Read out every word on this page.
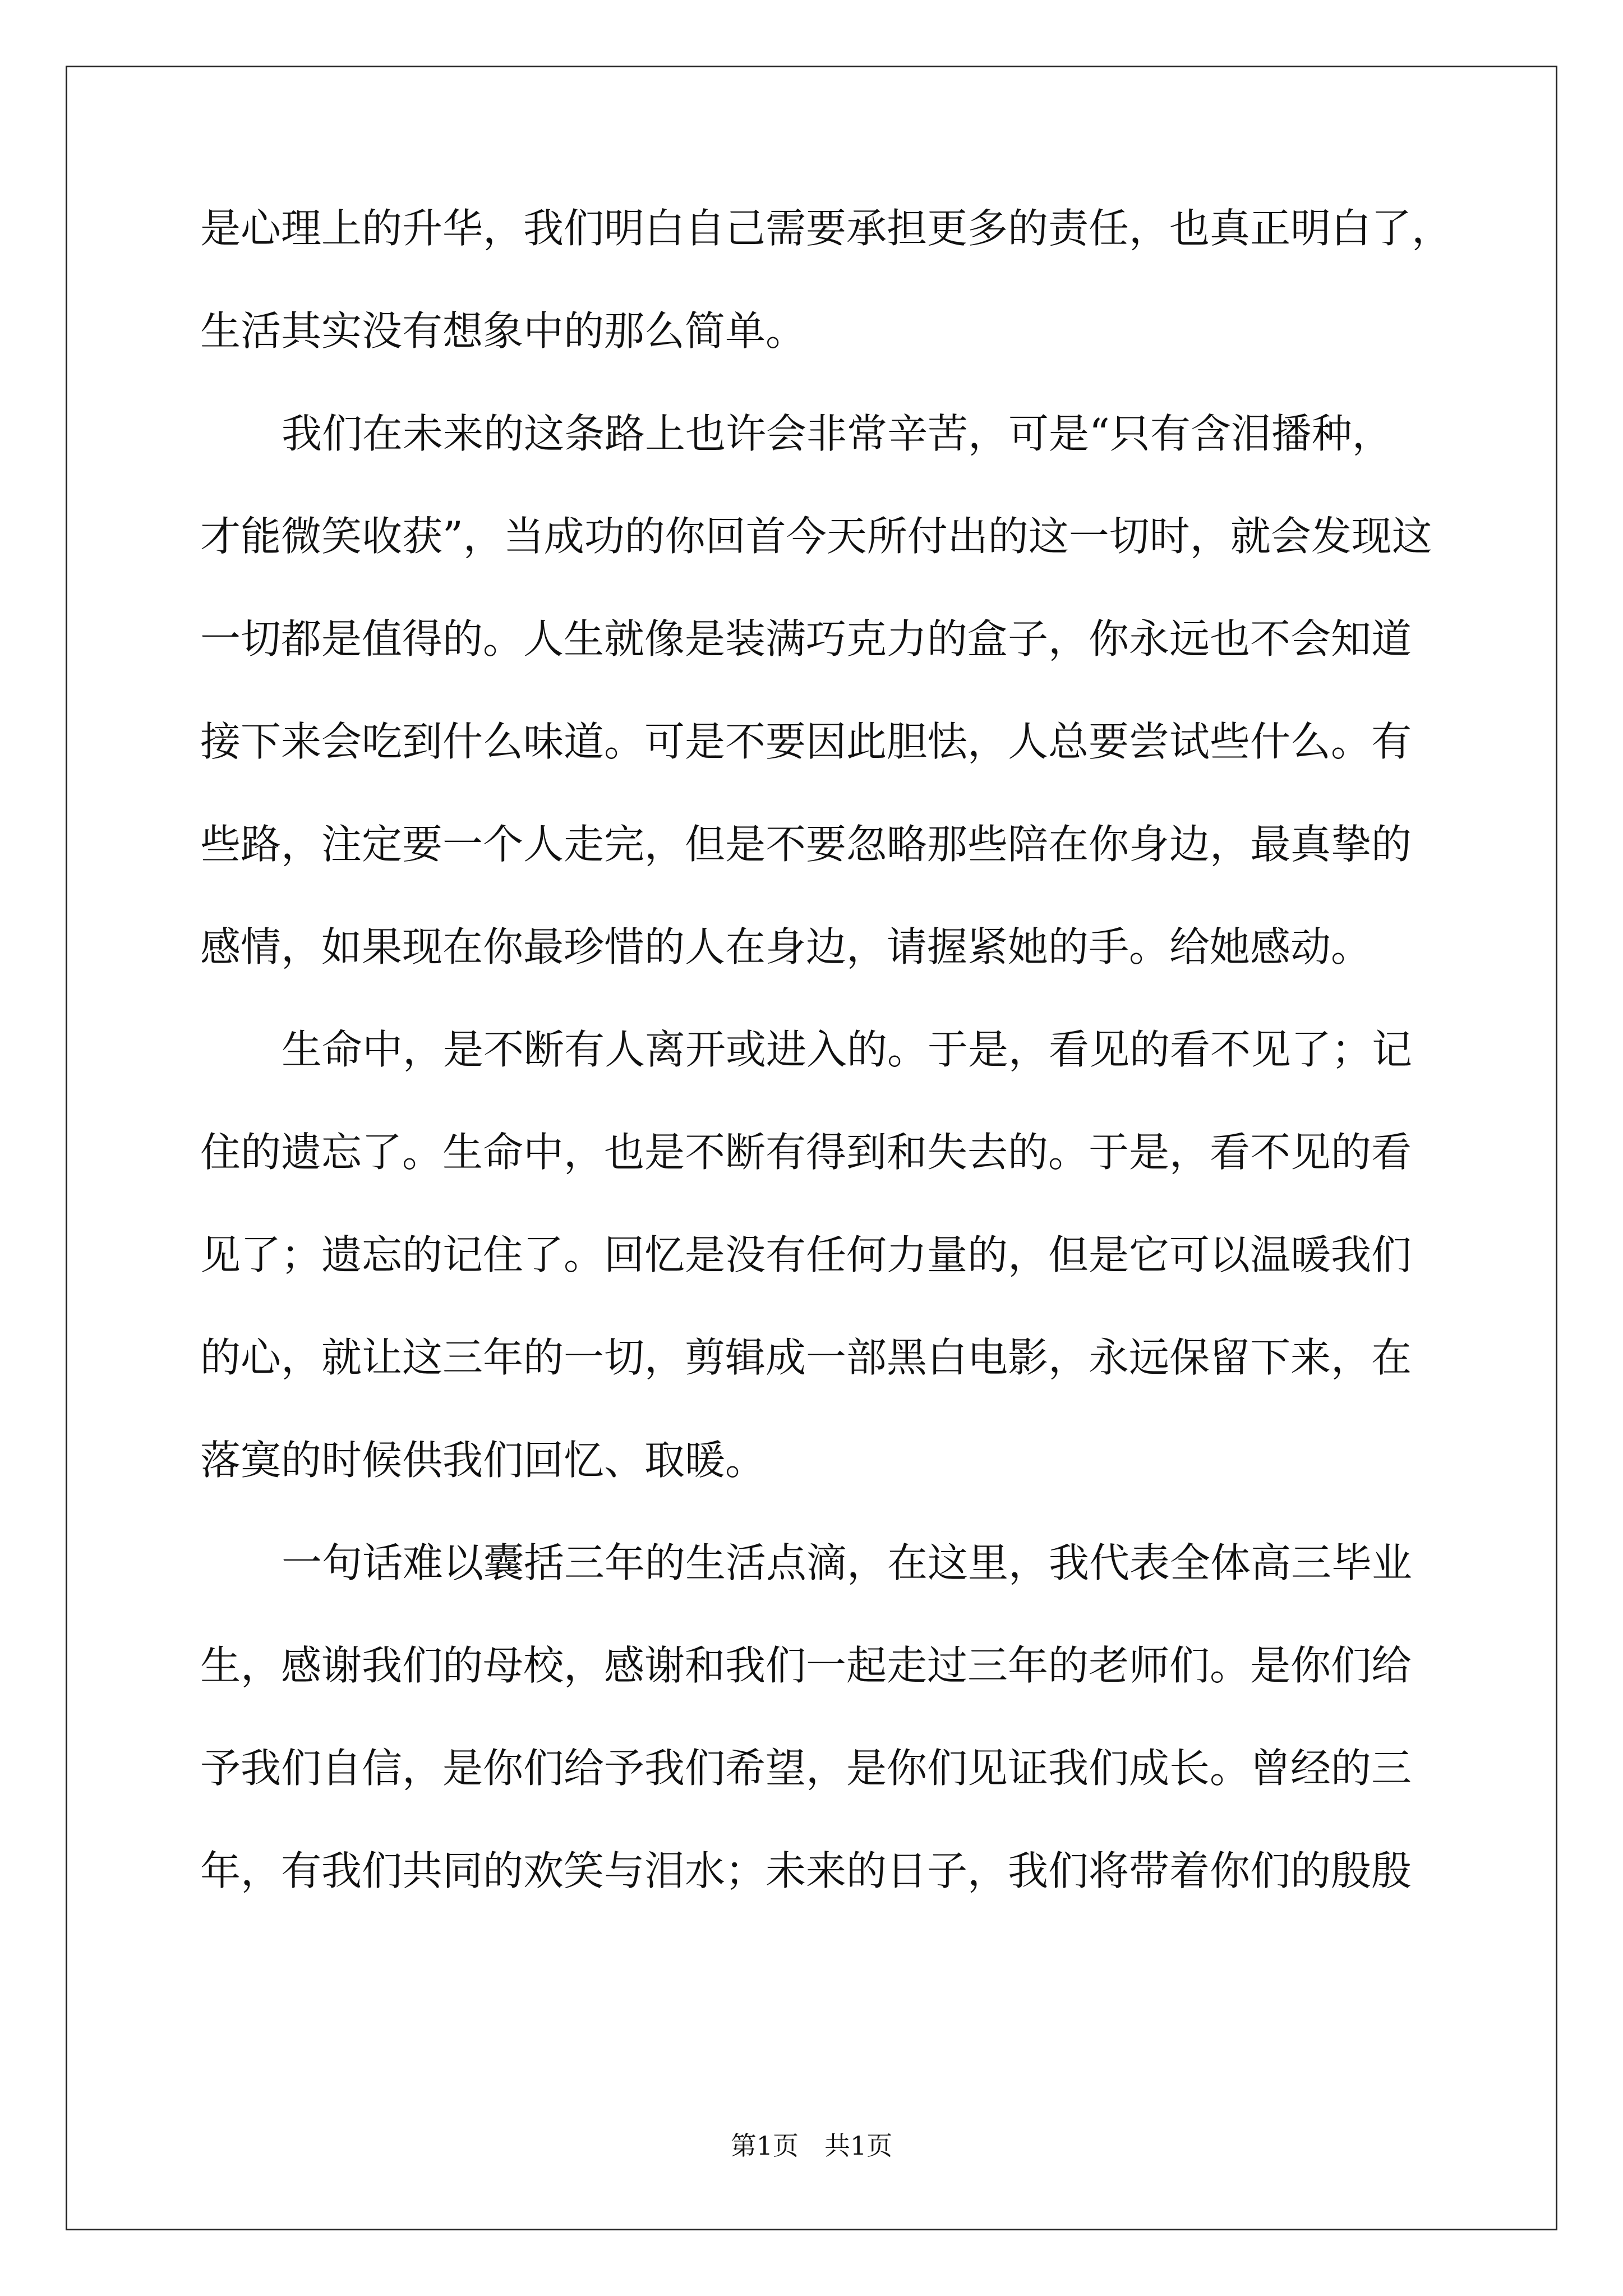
是心理上的升华，我们明白自己需要承担更多的责任，也真正明白了，
生活其实没有想象中的那么简单。
我们在未来的这条路上也许会非常辛苦，可是“只有含泪播种，
才能微笑收获”，当成功的你回首今天所付出的这一切时，就会发现这
一切都是值得的。人生就像是装满巧克力的盒子，你永远也不会知道
接下来会吃到什么味道。可是不要因此胆怯，人总要尝试些什么。有
些路，注定要一个人走完，但是不要忽略那些陪在你身边，最真挚的
感情，如果现在你最珍惜的人在身边，请握紧她的手。给她感动。
生命中，是不断有人离开或进入的。于是，看见的看不见了；记
住的遗忘了。生命中，也是不断有得到和失去的。于是，看不见的看
见了；遗忘的记住了。回忆是没有任何力量的，但是它可以温暖我们
的心，就让这三年的一切，剪辑成一部黑白电影，永远保留下来，在
落寞的时候供我们回忆、取暖。
一句话难以囊括三年的生活点滴，在这里，我代表全体高三毕业
生，感谢我们的母校，感谢和我们一起走过三年的老师们。是你们给
予我们自信，是你们给予我们希望，是你们见证我们成长。曾经的三
年，有我们共同的欢笑与泪水；未来的日子，我们将带着你们的殷殷
第1页　共1页
